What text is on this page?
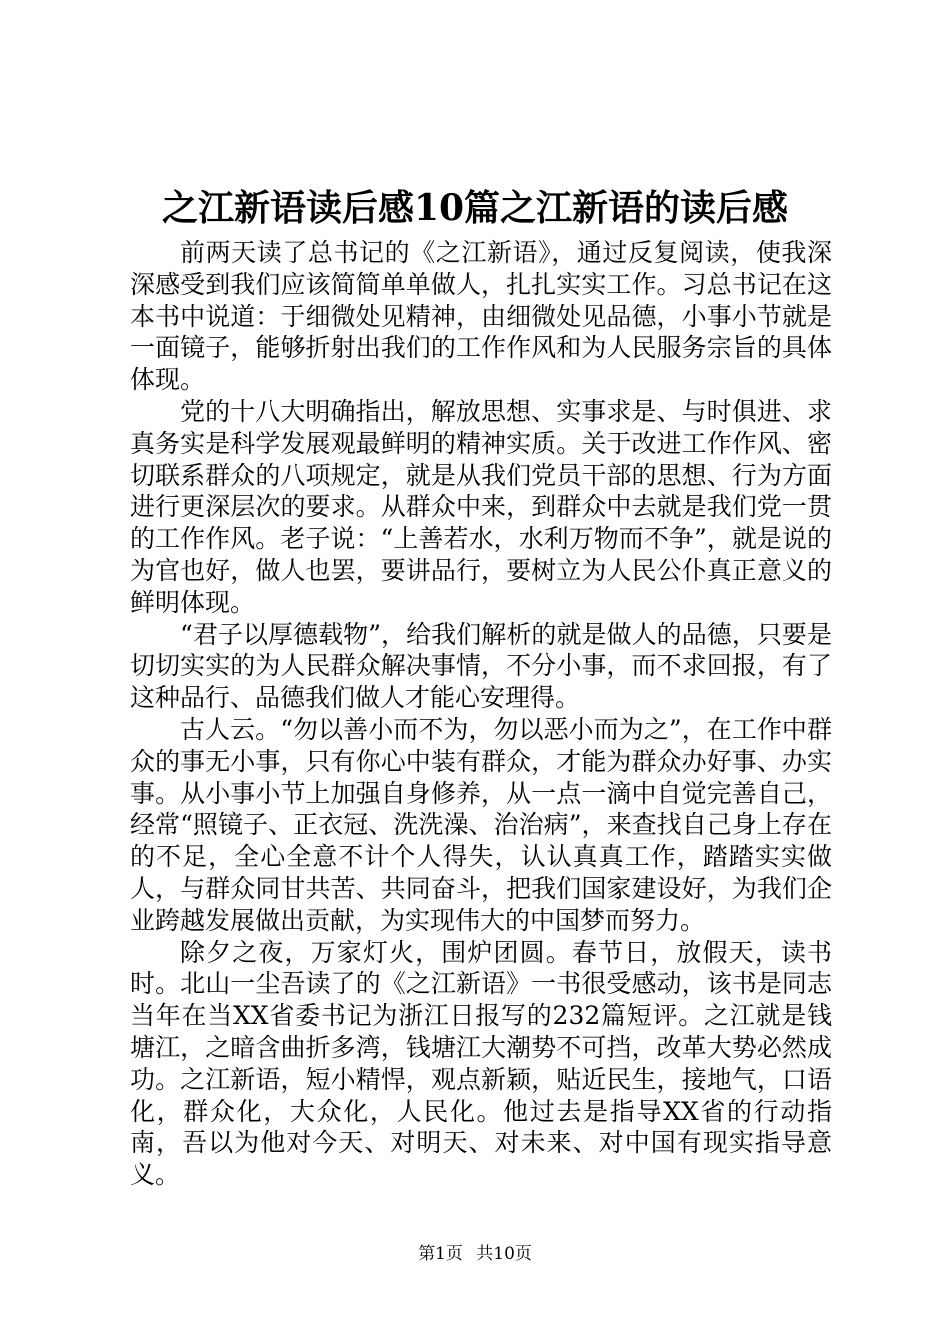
之江新语读后感10篇之江新语的读后感

前两天读了总书记的《之江新语》，通过反复阅读，使我深深感受到我们应该简简单单做人，扎扎实实工作。习总书记在这本书中说道：于细微处见精神，由细微处见品德，小事小节就是一面镜子，能够折射出我们的工作作风和为人民服务宗旨的具体体现。

党的十八大明确指出，解放思想、实事求是、与时俱进、求真务实是科学发展观最鲜明的精神实质。关于改进工作作风、密切联系群众的八项规定，就是从我们党员干部的思想、行为方面进行更深层次的要求。从群众中来，到群众中去就是我们党一贯的工作作风。老子说：“上善若水，水利万物而不争”，就是说的为官也好，做人也罢，要讲品行，要树立为人民公仆真正意义的鲜明体现。

“君子以厚德载物”，给我们解析的就是做人的品德，只要是切切实实的为人民群众解决事情，不分小事，而不求回报，有了这种品行、品德我们做人才能心安理得。

古人云。“勿以善小而不为，勿以恶小而为之”，在工作中群众的事无小事，只有你心中装有群众，才能为群众办好事、办实事。从小事小节上加强自身修养，从一点一滴中自觉完善自己，经常“照镜子、正衣冠、洗洗澡、治治病”，来查找自己身上存在的不足，全心全意不计个人得失，认认真真工作，踏踏实实做人，与群众同甘共苦、共同奋斗，把我们国家建设好，为我们企业跨越发展做出贡献，为实现伟大的中国梦而努力。

除夕之夜，万家灯火，围炉团圆。春节日，放假天，读书时。北山一尘吾读了的《之江新语》一书很受感动，该书是同志当年在当XX省委书记为浙江日报写的232篇短评。之江就是钱塘江，之暗含曲折多湾，钱塘江大潮势不可挡，改革大势必然成功。之江新语，短小精悍，观点新颖，贴近民生，接地气，口语化，群众化，大众化，人民化。他过去是指导XX省的行动指南，吾以为他对今天、对明天、对未来、对中国有现实指导意义。

第1页 共10页
